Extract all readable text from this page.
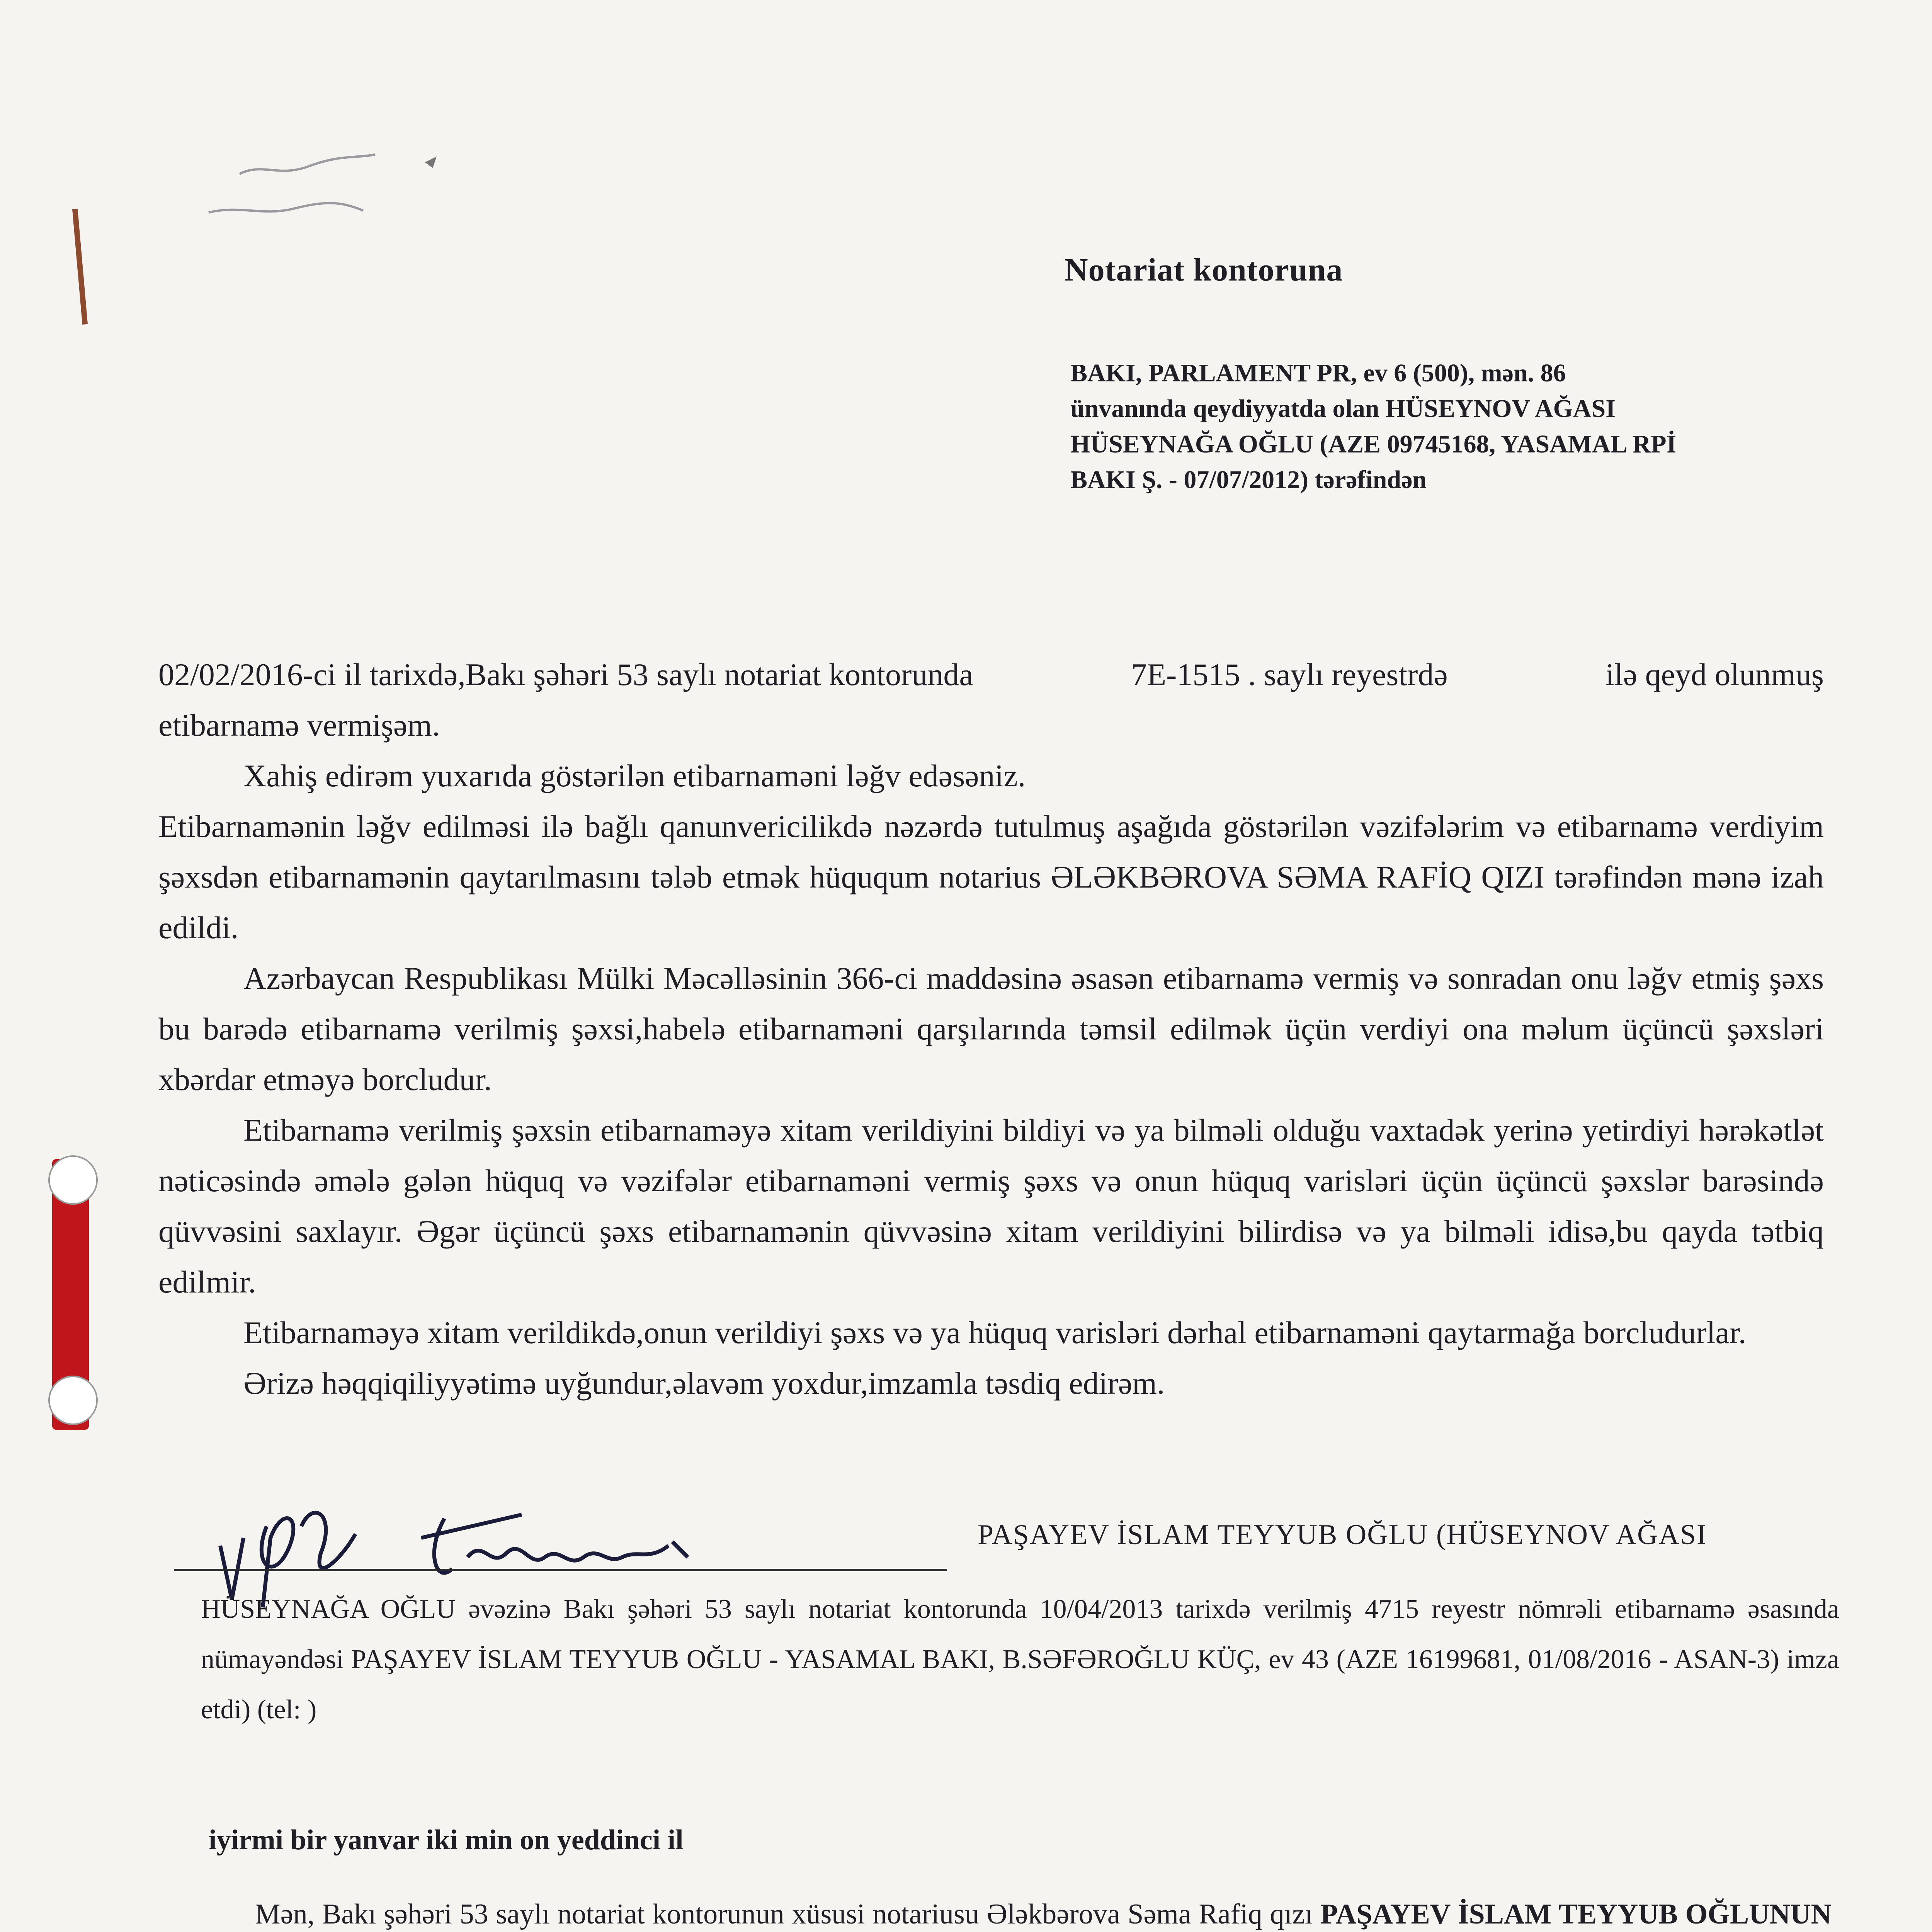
Notariat kontoruna
BAKI, PARLAMENT PR, ev 6 (500), mən. 86
ünvanında qeydiyyatda olan HÜSEYNOV AĞASI
HÜSEYNAĞA OĞLU (AZE 09745168, YASAMAL RPİ
BAKI Ş. - 07/07/2012) tərəfindən
02/02/2016-ci il tarixdə,Bakı şəhəri 53 saylı notariat kontorunda	7E-1515 . saylı reyestrdə	ilə qeyd olunmuş

etibarnamə vermişəm.

Xahiş edirəm yuxarıda göstərilən etibarnaməni ləğv edəsəniz.

Etibarnamənin ləğv edilməsi ilə bağlı qanunvericilikdə nəzərdə tutulmuş aşağıda göstərilən vəzifələrim və etibarnamə verdiyim şəxsdən etibarnamənin qaytarılmasını tələb etmək hüququm notarius ƏLƏKBƏROVA SƏMA RAFİQ QIZI tərəfindən mənə izah edildi.

Azərbaycan Respublikası Mülki Məcəlləsinin 366-ci maddəsinə əsasən etibarnamə vermiş və sonradan onu ləğv etmiş şəxs bu barədə etibarnamə verilmiş şəxsi,habelə etibarnaməni qarşılarında təmsil edilmək üçün verdiyi ona məlum üçüncü şəxsləri xbərdar etməyə borcludur.

Etibarnamə verilmiş şəxsin etibarnaməyə xitam verildiyini bildiyi və ya bilməli olduğu vaxtadək yerinə yetirdiyi hərəkətlət nəticəsində əmələ gələn hüquq və vəzifələr etibarnaməni vermiş şəxs və onun hüquq varisləri üçün üçüncü şəxslər barəsində qüvvəsini saxlayır. Əgər üçüncü şəxs etibarnamənin qüvvəsinə xitam verildiyini bilirdisə və ya bilməli idisə,bu qayda tətbiq edilmir.

Etibarnaməyə xitam verildikdə,onun verildiyi şəxs və ya hüquq varisləri dərhal etibarnaməni qaytarmağa borcludurlar.

Ərizə həqqiqiliyyətimə uyğundur,əlavəm yoxdur,imzamla təsdiq edirəm.

PAŞAYEV İSLAM TEYYUB OĞLU (HÜSEYNOV AĞASI
HÜSEYNAĞA OĞLU əvəzinə Bakı şəhəri 53 saylı notariat kontorunda 10/04/2013 tarixdə verilmiş 4715 reyestr nömrəli etibarnamə əsasında nümayəndəsi PAŞAYEV İSLAM TEYYUB OĞLU - YASAMAL BAKI, B.SƏFƏROĞLU KÜÇ, ev 43 (AZE 16199681, 01/08/2016 - ASAN-3) imza etdi) (tel: )
iyirmi bir yanvar iki min on yeddinci il
Mən, Bakı şəhəri 53 saylı notariat kontorunun xüsusi notariusu Ələkbərova Səma Rafiq qızı PAŞAYEV İSLAM TEYYUB OĞLUNUN
